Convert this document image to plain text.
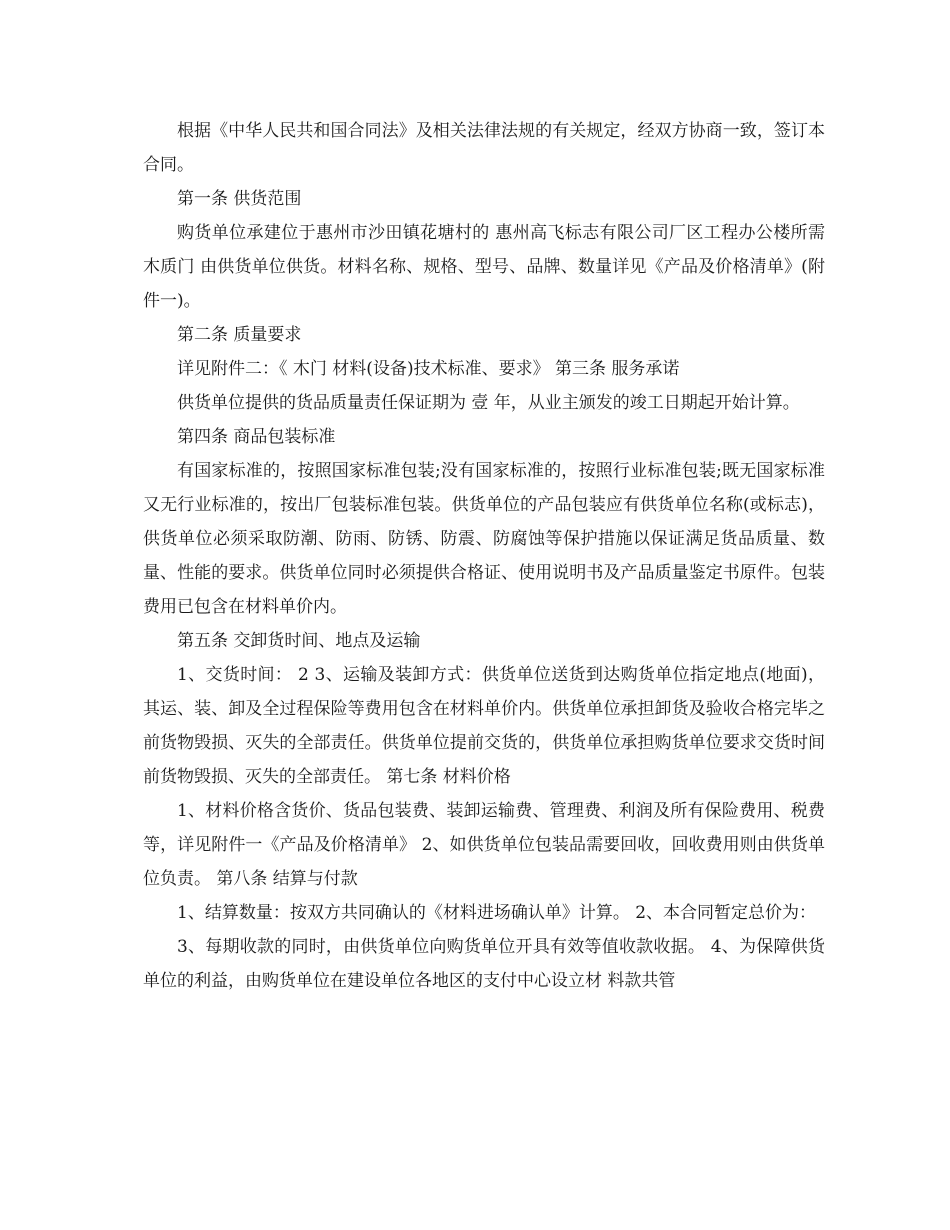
根据《中华人民共和国合同法》及相关法律法规的有关规定，经双方协商一致，签订本合同。

第一条 供货范围

购货单位承建位于惠州市沙田镇花塘村的 惠州高飞标志有限公司厂区工程办公楼所需 木质门 由供货单位供货。材料名称、规格、型号、品牌、数量详见《产品及价格清单》(附件一)。

第二条 质量要求

详见附件二：《 木门 材料(设备)技术标准、要求》 第三条 服务承诺

供货单位提供的货品质量责任保证期为 壹 年，从业主颁发的竣工日期起开始计算。

第四条 商品包装标准

有国家标准的，按照国家标准包装;没有国家标准的，按照行业标准包装;既无国家标准又无行业标准的，按出厂包装标准包装。供货单位的产品包装应有供货单位名称(或标志)，供货单位必须采取防潮、防雨、防锈、防震、防腐蚀等保护措施以保证满足货品质量、数量、性能的要求。供货单位同时必须提供合格证、使用说明书及产品质量鉴定书原件。包装费用已包含在材料单价内。

第五条 交卸货时间、地点及运输

1、交货时间： 2 3、运输及装卸方式：供货单位送货到达购货单位指定地点(地面)，其运、装、卸及全过程保险等费用包含在材料单价内。供货单位承担卸货及验收合格完毕之前货物毁损、灭失的全部责任。供货单位提前交货的，供货单位承担购货单位要求交货时间前货物毁损、灭失的全部责任。 第七条 材料价格

1、材料价格含货价、货品包装费、装卸运输费、管理费、利润及所有保险费用、税费等，详见附件一《产品及价格清单》 2、如供货单位包装品需要回收，回收费用则由供货单位负责。 第八条 结算与付款

1、结算数量：按双方共同确认的《材料进场确认单》计算。 2、本合同暂定总价为：

3、每期收款的同时，由供货单位向购货单位开具有效等值收款收据。 4、为保障供货单位的利益，由购货单位在建设单位各地区的支付中心设立材 料款共管
